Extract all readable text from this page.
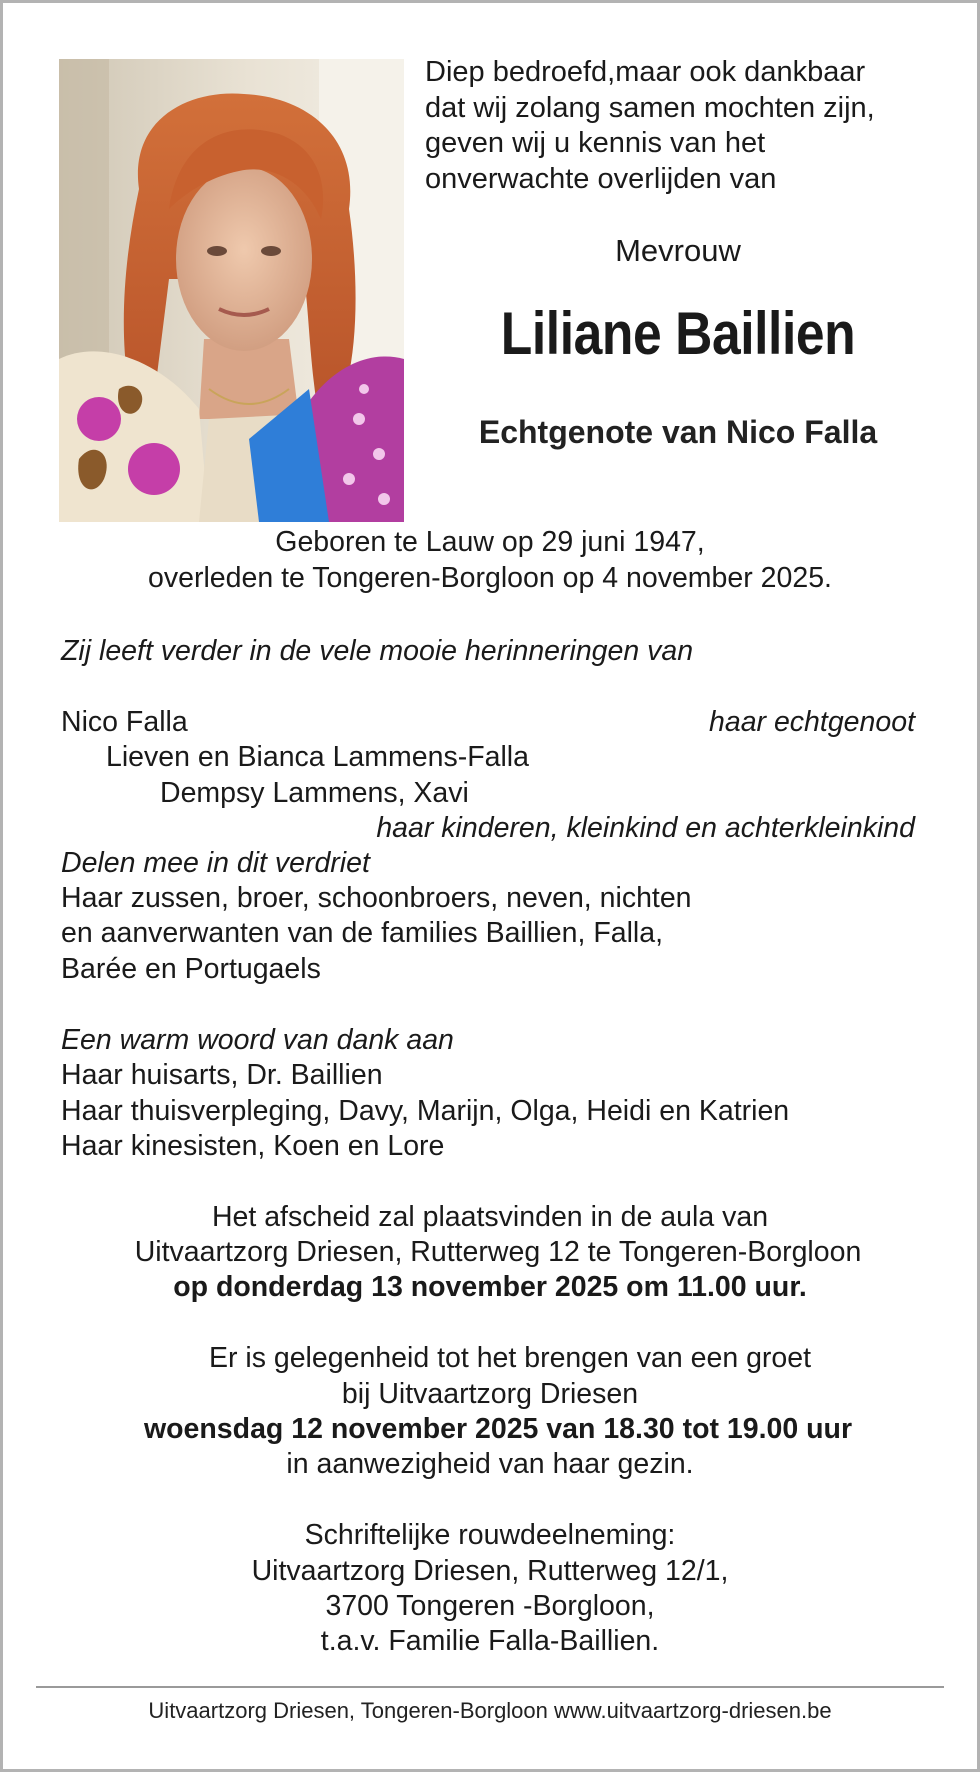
Diep bedroefd,maar ook dankbaar
dat wij zolang samen mochten zijn,
geven wij u kennis van het
onverwachte overlijden van
Mevrouw
Liliane Baillien
Echtgenote van Nico Falla

Geboren te Lauw op 29 juni 1947,

overleden te Tongeren-Borgloon op 4 november 2025.

Zij leeft verder in de vele mooie herinneringen van

Nico Falla	haar echtgenoot

Lieven en Bianca Lammens-Falla

Dempsy Lammens, Xavi

haar kinderen, kleinkind en achterkleinkind

Delen mee in dit verdriet

Haar zussen, broer, schoonbroers, neven, nichten

en aanverwanten van de families Baillien, Falla,

Barée en Portugaels

Een warm woord van dank aan

Haar huisarts, Dr. Baillien

Haar thuisverpleging, Davy, Marijn, Olga, Heidi en Katrien

Haar kinesisten, Koen en Lore

Het afscheid zal plaatsvinden in de aula van

Uitvaartzorg Driesen, Rutterweg 12 te Tongeren-Borgloon

op donderdag 13 november 2025 om 11.00 uur.

Er is gelegenheid tot het brengen van een groet

bij Uitvaartzorg Driesen

woensdag 12 november 2025 van 18.30 tot 19.00 uur

in aanwezigheid van haar gezin.

Schriftelijke rouwdeelneming:

Uitvaartzorg Driesen, Rutterweg 12/1,

3700 Tongeren -Borgloon,

t.a.v. Familie Falla-Baillien.

Uitvaartzorg Driesen, Tongeren-Borgloon www.uitvaartzorg-driesen.be
